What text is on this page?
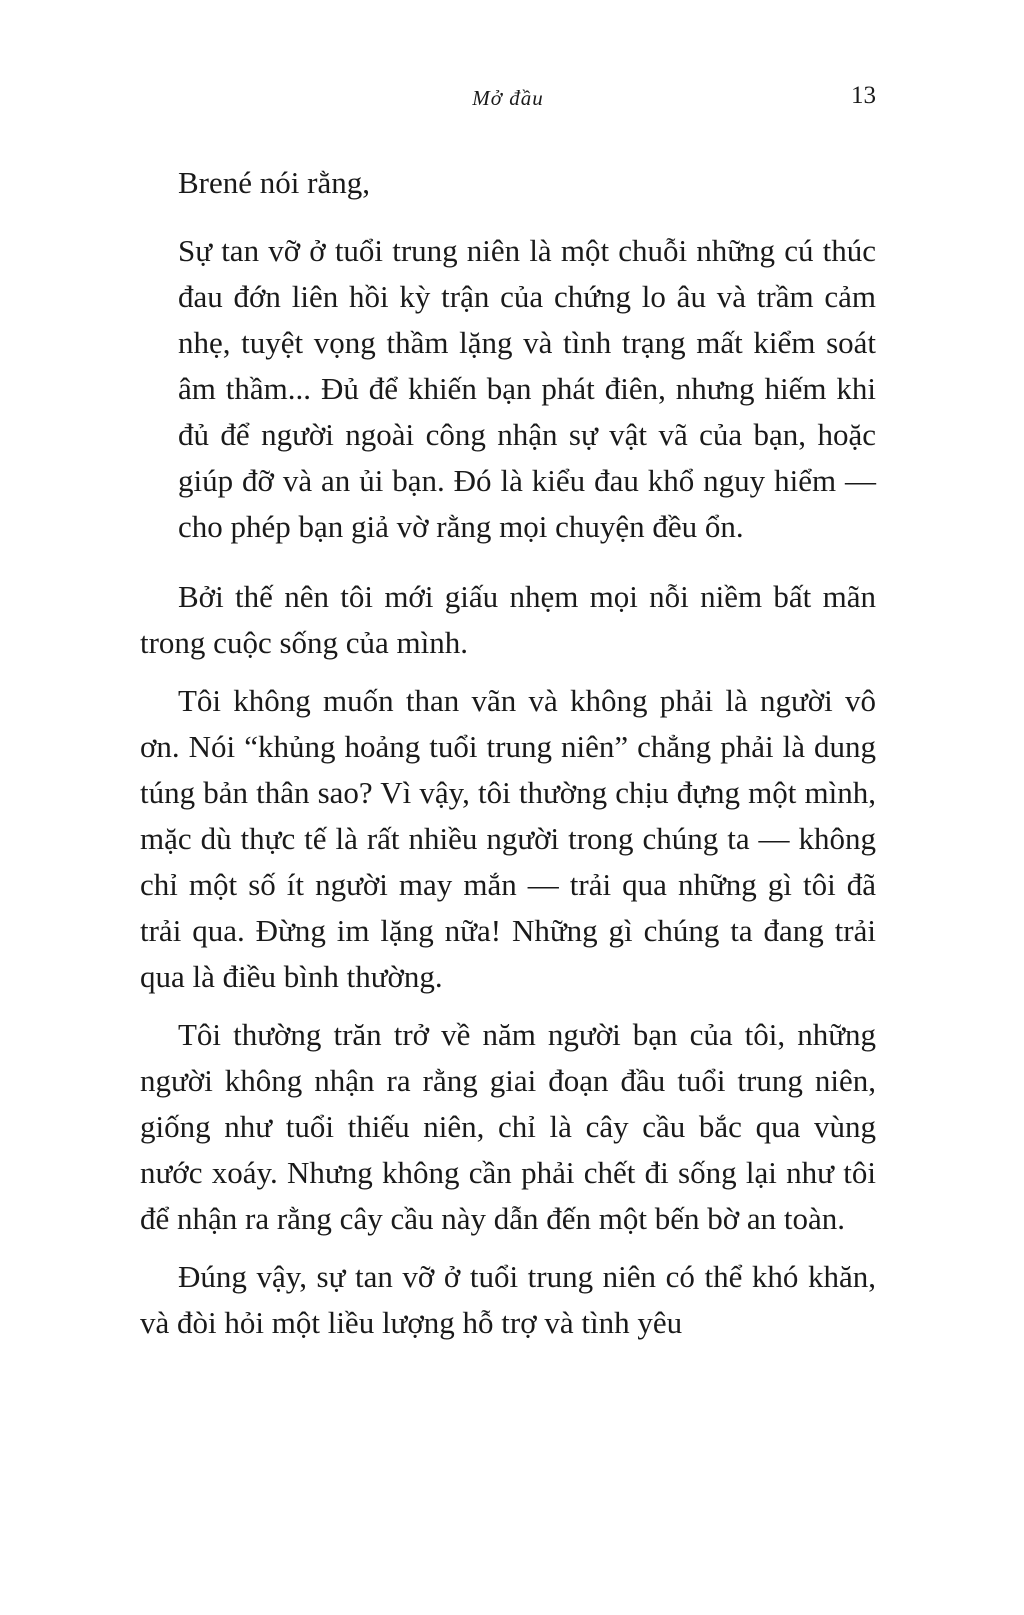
Mở đầu	13

Brené nói rằng,

Sự tan vỡ ở tuổi trung niên là một chuỗi những cú thúc đau đớn liên hồi kỳ trận của chứng lo âu và trầm cảm nhẹ, tuyệt vọng thầm lặng và tình trạng mất kiểm soát âm thầm... Đủ để khiến bạn phát điên, nhưng hiếm khi đủ để người ngoài công nhận sự vật vã của bạn, hoặc giúp đỡ và an ủi bạn. Đó là kiểu đau khổ nguy hiểm — cho phép bạn giả vờ rằng mọi chuyện đều ổn.

Bởi thế nên tôi mới giấu nhẹm mọi nỗi niềm bất mãn trong cuộc sống của mình.

Tôi không muốn than vãn và không phải là người vô ơn. Nói “khủng hoảng tuổi trung niên” chẳng phải là dung túng bản thân sao? Vì vậy, tôi thường chịu đựng một mình, mặc dù thực tế là rất nhiều người trong chúng ta — không chỉ một số ít người may mắn — trải qua những gì tôi đã trải qua. Đừng im lặng nữa! Những gì chúng ta đang trải qua là điều bình thường.

Tôi thường trăn trở về năm người bạn của tôi, những người không nhận ra rằng giai đoạn đầu tuổi trung niên, giống như tuổi thiếu niên, chỉ là cây cầu bắc qua vùng nước xoáy. Nhưng không cần phải chết đi sống lại như tôi để nhận ra rằng cây cầu này dẫn đến một bến bờ an toàn.

Đúng vậy, sự tan vỡ ở tuổi trung niên có thể khó khăn, và đòi hỏi một liều lượng hỗ trợ và tình yêu
